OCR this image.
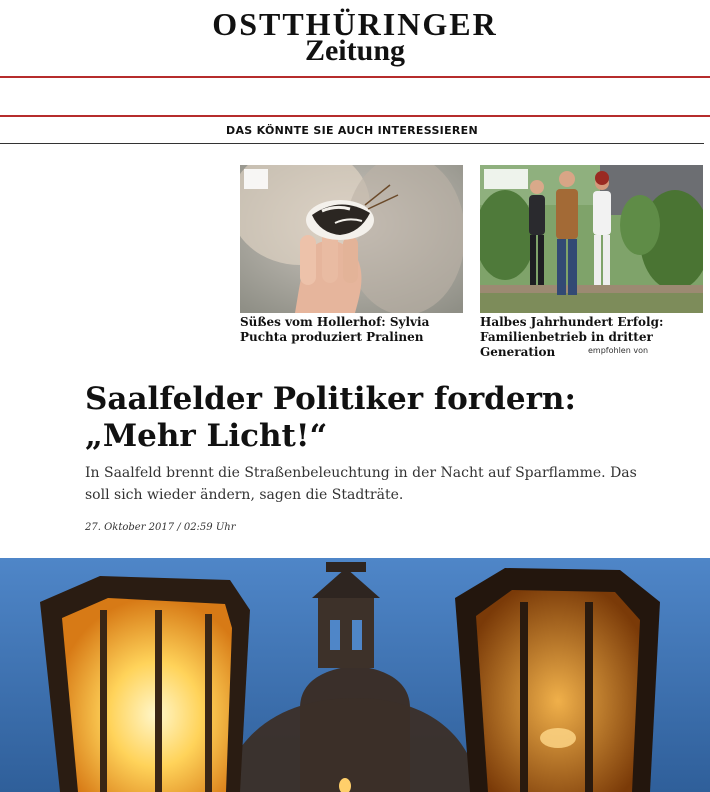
OSTTHÜRINGER
Zeitung
DAS KÖNNTE SIE AUCH INTERESSIEREN
Süßes vom Hollerhof: Sylvia Puchta produziert Pralinen
Halbes Jahrhundert Erfolg: Familienbetrieb in dritter Generation	empfohlen von
Saalfelder Politiker fordern: „Mehr Licht!“

In Saalfeld brennt die Straßenbeleuchtung in der Nacht auf Sparflamme. Das soll sich wieder ändern, sagen die Stadträte.

27. Oktober 2017 / 02:59 Uhr
